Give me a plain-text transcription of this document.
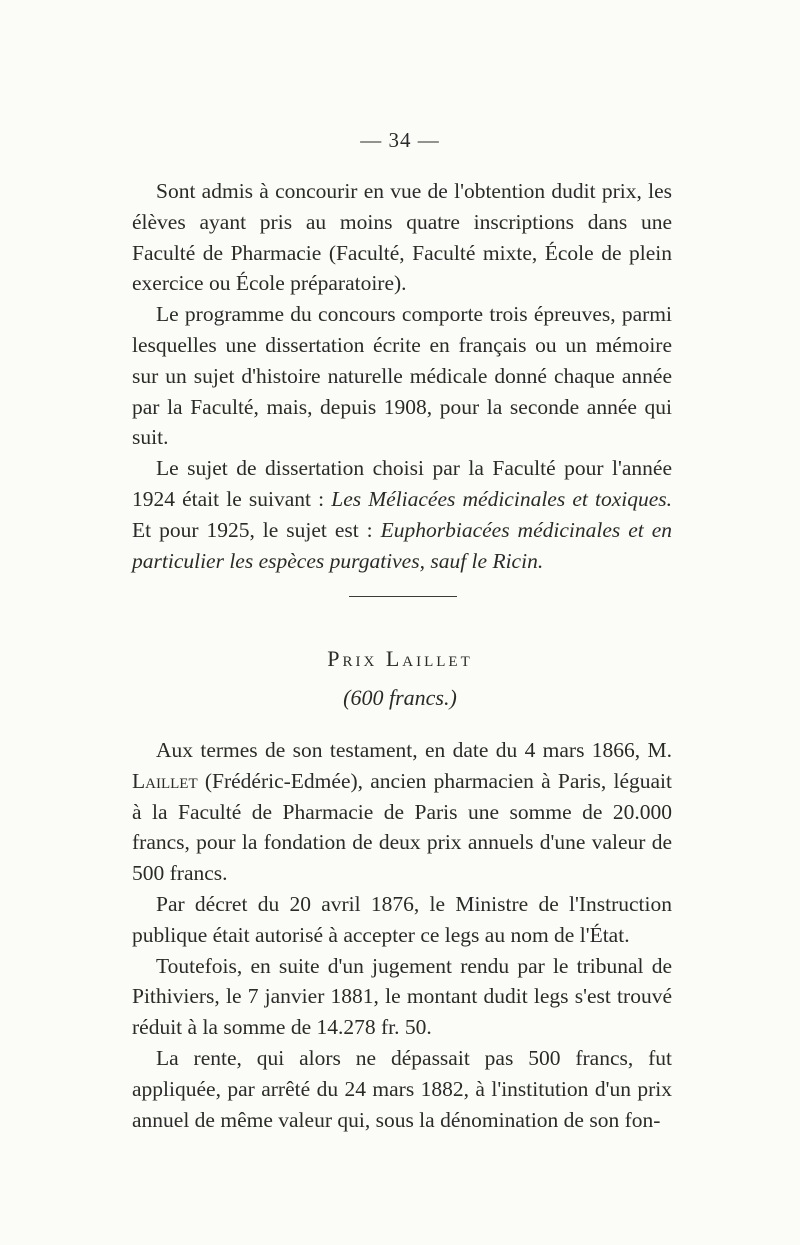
— 34 —

Sont admis à concourir en vue de l'obtention dudit prix, les élèves ayant pris au moins quatre inscriptions dans une Faculté de Pharmacie (Faculté, Faculté mixte, École de plein exercice ou École préparatoire).

Le programme du concours comporte trois épreuves, parmi lesquelles une dissertation écrite en français ou un mémoire sur un sujet d'histoire naturelle médicale donné chaque année par la Faculté, mais, depuis 1908, pour la seconde année qui suit.

Le sujet de dissertation choisi par la Faculté pour l'année 1924 était le suivant : Les Méliacées médicinales et toxiques. Et pour 1925, le sujet est : Euphorbiacées médicinales et en particulier les espèces purgatives, sauf le Ricin.

Prix Laillet
(600 francs.)

Aux termes de son testament, en date du 4 mars 1866, M. Laillet (Frédéric-Edmée), ancien pharmacien à Paris, léguait à la Faculté de Pharmacie de Paris une somme de 20.000 francs, pour la fondation de deux prix annuels d'une valeur de 500 francs.

Par décret du 20 avril 1876, le Ministre de l'Instruction publique était autorisé à accepter ce legs au nom de l'État.

Toutefois, en suite d'un jugement rendu par le tribunal de Pithiviers, le 7 janvier 1881, le montant dudit legs s'est trouvé réduit à la somme de 14.278 fr. 50.

La rente, qui alors ne dépassait pas 500 francs, fut appliquée, par arrêté du 24 mars 1882, à l'institution d'un prix annuel de même valeur qui, sous la dénomination de son fon-
